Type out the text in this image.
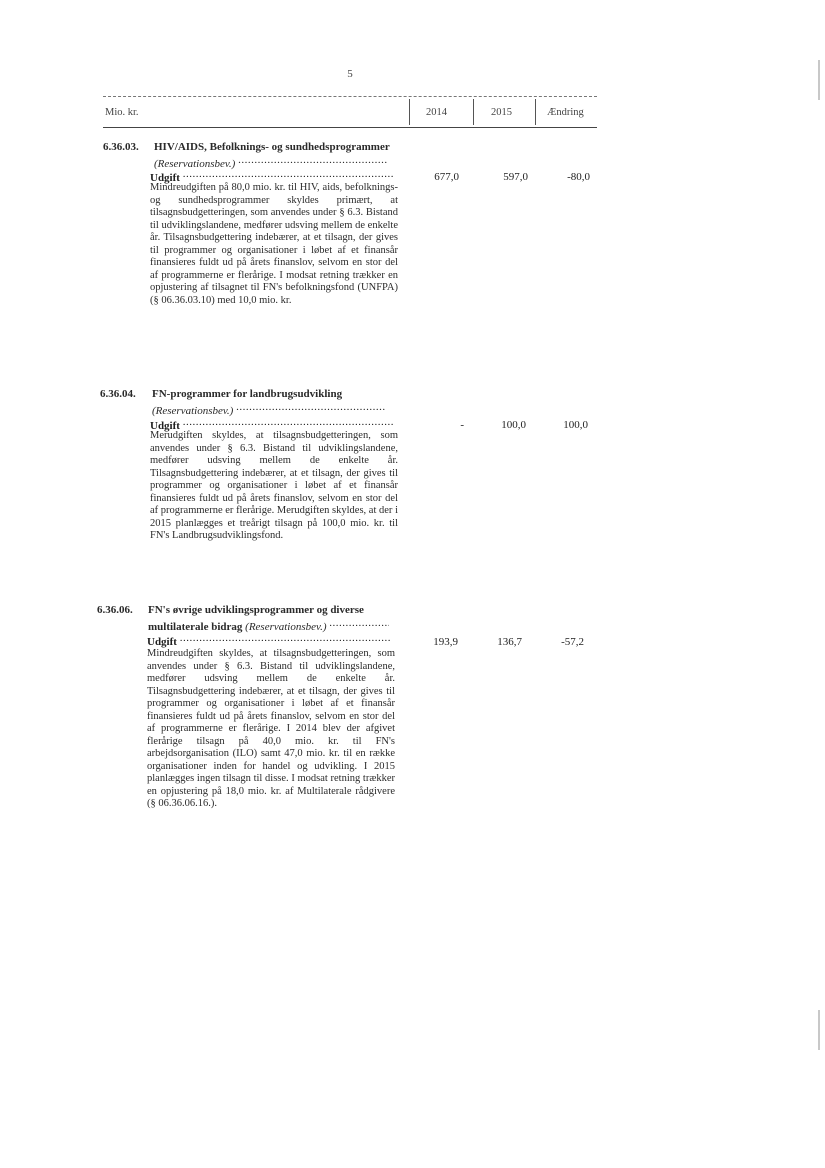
5
Mio. kr.	2014	2015	Ændring
6.36.03. HIV/AIDS, Befolknings- og sundhedsprogrammer
(Reservationsbev.) .....
Udgift .....	677,0	597,0	-80,0
Mindreudgiften på 80,0 mio. kr. til HIV, aids, befolknings- og sundhedsprogrammer skyldes primært, at tilsagnsbudgetteringen, som anvendes under § 6.3. Bistand til udviklingslandene, medfører udsving mellem de enkelte år. Tilsagnsbudgettering indebærer, at et tilsagn, der gives til programmer og organisationer i løbet af et finansår finansieres fuldt ud på årets finanslov, selvom en stor del af programmerne er flerårige. I modsat retning trækker en opjustering af tilsagnet til FN's befolkningsfond (UNFPA) (§ 06.36.03.10) med 10,0 mio. kr.
6.36.04. FN-programmer for landbrugsudvikling
(Reservationsbev.) .....
Udgift .....	-	100,0	100,0
Merudgiften skyldes, at tilsagnsbudgetteringen, som anvendes under § 6.3. Bistand til udviklingslandene, medfører udsving mellem de enkelte år. Tilsagnsbudgettering indebærer, at et tilsagn, der gives til programmer og organisationer i løbet af et finansår finansieres fuldt ud på årets finanslov, selvom en stor del af programmerne er flerårige. Merudgiften skyldes, at der i 2015 planlægges et treårigt tilsagn på 100,0 mio. kr. til FN's Landbrugsudviklingsfond.
6.36.06. FN's øvrige udviklingsprogrammer og diverse multilaterale bidrag (Reservationsbev.) .....
Udgift .....	193,9	136,7	-57,2
Mindreudgiften skyldes, at tilsagnsbudgetteringen, som anvendes under § 6.3. Bistand til udviklingslandene, medfører udsving mellem de enkelte år. Tilsagnsbudgettering indebærer, at et tilsagn, der gives til programmer og organisationer i løbet af et finansår finansieres fuldt ud på årets finanslov, selvom en stor del af programmerne er flerårige. I 2014 blev der afgivet flerårige tilsagn på 40,0 mio. kr. til FN's arbejdsorganisation (ILO) samt 47,0 mio. kr. til en række organisationer inden for handel og udvikling. I 2015 planlægges ingen tilsagn til disse. I modsat retning trækker en opjustering på 18,0 mio. kr. af Multilaterale rådgivere (§ 06.36.06.16.).
